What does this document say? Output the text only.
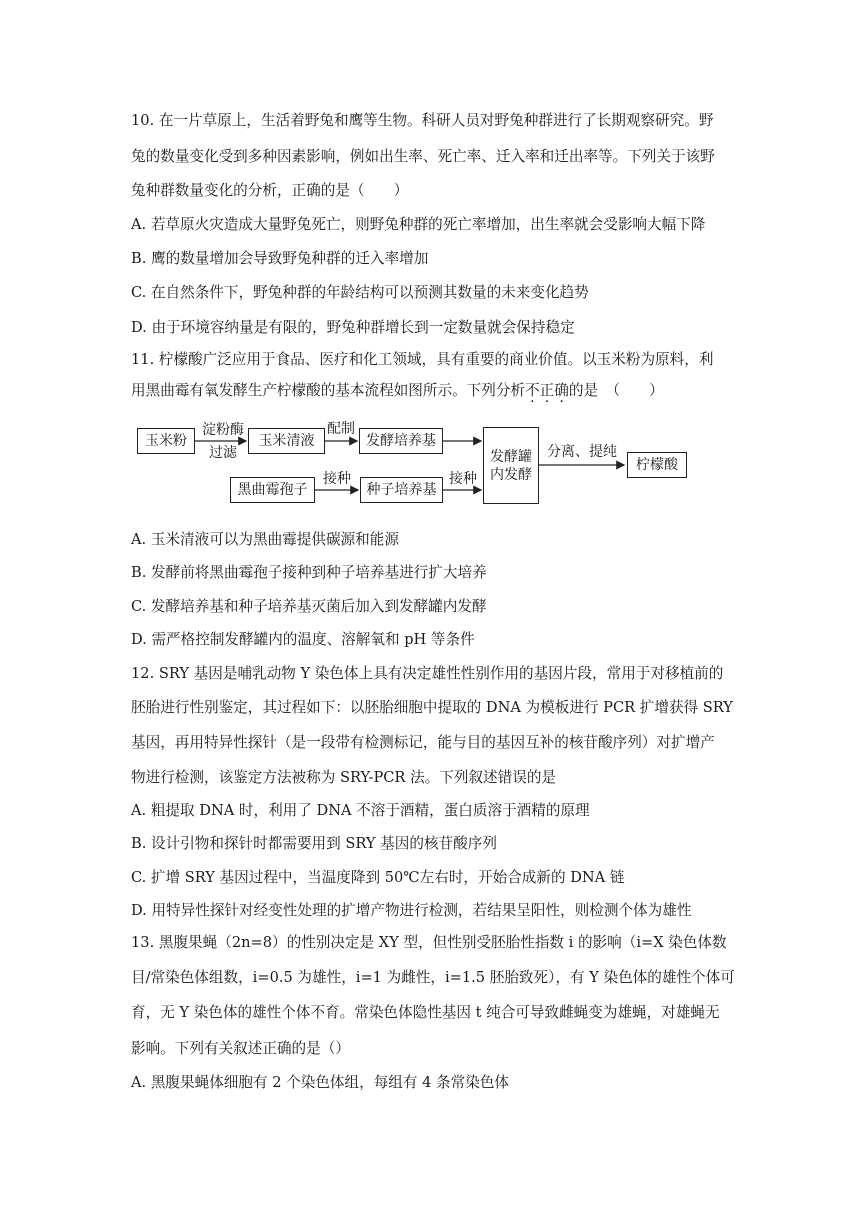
10. 在一片草原上，生活着野兔和鹰等生物。科研人员对野兔种群进行了长期观察研究。野
兔的数量变化受到多种因素影响，例如出生率、死亡率、迁入率和迁出率等。下列关于该野
兔种群数量变化的分析，正确的是（　　）
A. 若草原火灾造成大量野兔死亡，则野兔种群的死亡率增加，出生率就会受影响大幅下降
B. 鹰的数量增加会导致野兔种群的迁入率增加
C. 在自然条件下，野兔种群的年龄结构可以预测其数量的未来变化趋势
D. 由于环境容纳量是有限的，野兔种群增长到一定数量就会保持稳定
11. 柠檬酸广泛应用于食品、医疗和化工领域，具有重要的商业价值。以玉米粉为原料，利
用黑曲霉有氧发酵生产柠檬酸的基本流程如图所示。下列分析不正确的是　（　　）
玉米粉
淀粉酶
过滤
玉米清液
配制
发酵培养基
发酵罐
内发酵
分离、提纯
柠檬酸
黑曲霉孢子
接种
种子培养基
接种
A. 玉米清液可以为黑曲霉提供碳源和能源
B. 发酵前将黑曲霉孢子接种到种子培养基进行扩大培养
C. 发酵培养基和种子培养基灭菌后加入到发酵罐内发酵
D. 需严格控制发酵罐内的温度、溶解氧和 pH 等条件
12. SRY 基因是哺乳动物 Y 染色体上具有决定雄性性别作用的基因片段，常用于对移植前的
胚胎进行性别鉴定，其过程如下：以胚胎细胞中提取的 DNA 为模板进行 PCR 扩增获得 SRY
基因，再用特异性探针（是一段带有检测标记，能与目的基因互补的核苷酸序列）对扩增产
物进行检测，该鉴定方法被称为 SRY-PCR 法。下列叙述错误的是
A. 粗提取 DNA 时，利用了 DNA 不溶于酒精，蛋白质溶于酒精的原理
B. 设计引物和探针时都需要用到 SRY 基因的核苷酸序列
C. 扩增 SRY 基因过程中，当温度降到 50℃左右时，开始合成新的 DNA 链
D. 用特异性探针对经变性处理的扩增产物进行检测，若结果呈阳性，则检测个体为雄性
13. 黑腹果蝇（2n=8）的性别决定是 XY 型，但性别受胚胎性指数 i 的影响（i=X 染色体数
目/常染色体组数，i=0.5 为雄性，i=1 为雌性，i=1.5 胚胎致死），有 Y 染色体的雄性个体可
育，无 Y 染色体的雄性个体不育。常染色体隐性基因 t 纯合可导致雌蝇变为雄蝇，对雄蝇无
影响。下列有关叙述正确的是（）
A. 黑腹果蝇体细胞有 2 个染色体组，每组有 4 条常染色体
